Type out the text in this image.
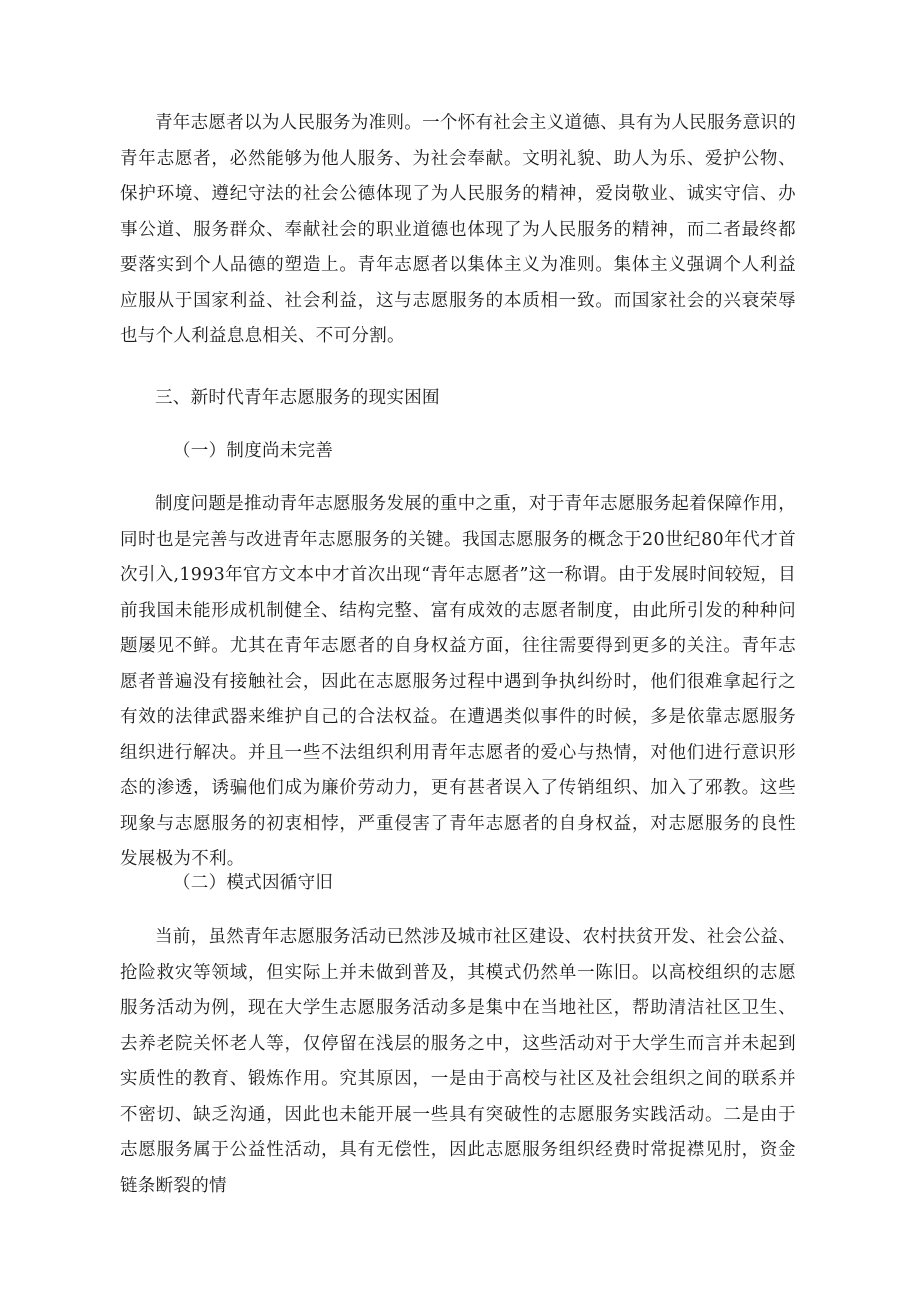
青年志愿者以为人民服务为准则。一个怀有社会主义道德、具有为人民服务意识的青年志愿者，必然能够为他人服务、为社会奉献。文明礼貌、助人为乐、爱护公物、保护环境、遵纪守法的社会公德体现了为人民服务的精神，爱岗敬业、诚实守信、办事公道、服务群众、奉献社会的职业道德也体现了为人民服务的精神，而二者最终都要落实到个人品德的塑造上。青年志愿者以集体主义为准则。集体主义强调个人利益应服从于国家利益、社会利益，这与志愿服务的本质相一致。而国家社会的兴衰荣辱也与个人利益息息相关、不可分割。

三、新时代青年志愿服务的现实困囿
（一）制度尚未完善

制度问题是推动青年志愿服务发展的重中之重，对于青年志愿服务起着保障作用，同时也是完善与改进青年志愿服务的关键。我国志愿服务的概念于20世纪80年代才首次引入,1993年官方文本中才首次出现“青年志愿者”这一称谓。由于发展时间较短，目前我国未能形成机制健全、结构完整、富有成效的志愿者制度，由此所引发的种种问题屡见不鲜。尤其在青年志愿者的自身权益方面，往往需要得到更多的关注。青年志愿者普遍没有接触社会，因此在志愿服务过程中遇到争执纠纷时，他们很难拿起行之有效的法律武器来维护自己的合法权益。在遭遇类似事件的时候，多是依靠志愿服务组织进行解决。并且一些不法组织利用青年志愿者的爱心与热情，对他们进行意识形态的渗透，诱骗他们成为廉价劳动力，更有甚者误入了传销组织、加入了邪教。这些现象与志愿服务的初衷相悖，严重侵害了青年志愿者的自身权益，对志愿服务的良性发展极为不利。

（二）模式因循守旧

当前，虽然青年志愿服务活动已然涉及城市社区建设、农村扶贫开发、社会公益、抢险救灾等领域，但实际上并未做到普及，其模式仍然单一陈旧。以高校组织的志愿服务活动为例，现在大学生志愿服务活动多是集中在当地社区，帮助清洁社区卫生、去养老院关怀老人等，仅停留在浅层的服务之中，这些活动对于大学生而言并未起到实质性的教育、锻炼作用。究其原因，一是由于高校与社区及社会组织之间的联系并不密切、缺乏沟通，因此也未能开展一些具有突破性的志愿服务实践活动。二是由于志愿服务属于公益性活动，具有无偿性，因此志愿服务组织经费时常捉襟见肘，资金链条断裂的情
